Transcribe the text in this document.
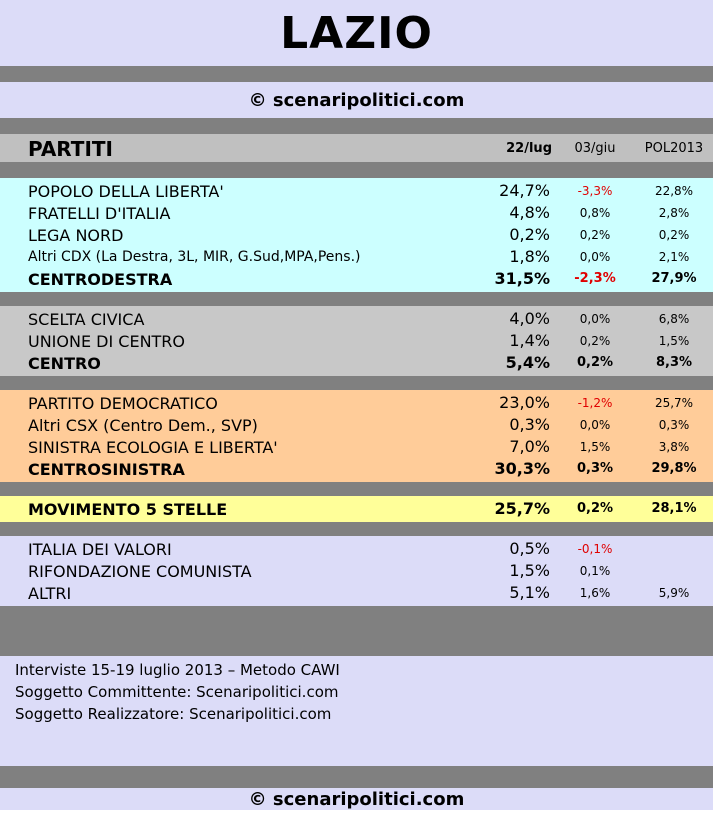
LAZIO
© scenaripolitici.com
PARTITI	22/lug	03/giu	POL2013
POPOLO DELLA LIBERTA'	24,7%	-3,3%	22,8%
FRATELLI D'ITALIA	4,8%	0,8%	2,8%
LEGA NORD	0,2%	0,2%	0,2%
Altri CDX (La Destra, 3L, MIR, G.Sud,MPA,Pens.)	1,8%	0,0%	2,1%
CENTRODESTRA	31,5%	-2,3%	27,9%
SCELTA CIVICA	4,0%	0,0%	6,8%
UNIONE DI CENTRO	1,4%	0,2%	1,5%
CENTRO	5,4%	0,2%	8,3%
PARTITO DEMOCRATICO	23,0%	-1,2%	25,7%
Altri CSX (Centro Dem., SVP)	0,3%	0,0%	0,3%
SINISTRA ECOLOGIA E LIBERTA'	7,0%	1,5%	3,8%
CENTROSINISTRA	30,3%	0,3%	29,8%
MOVIMENTO 5 STELLE	25,7%	0,2%	28,1%
ITALIA DEI VALORI	0,5%	-0,1%
RIFONDAZIONE COMUNISTA	1,5%	0,1%
ALTRI	5,1%	1,6%	5,9%
Interviste 15-19 luglio 2013 – Metodo CAWI
Soggetto Committente: Scenaripolitici.com
Soggetto Realizzatore: Scenaripolitici.com
© scenaripolitici.com
